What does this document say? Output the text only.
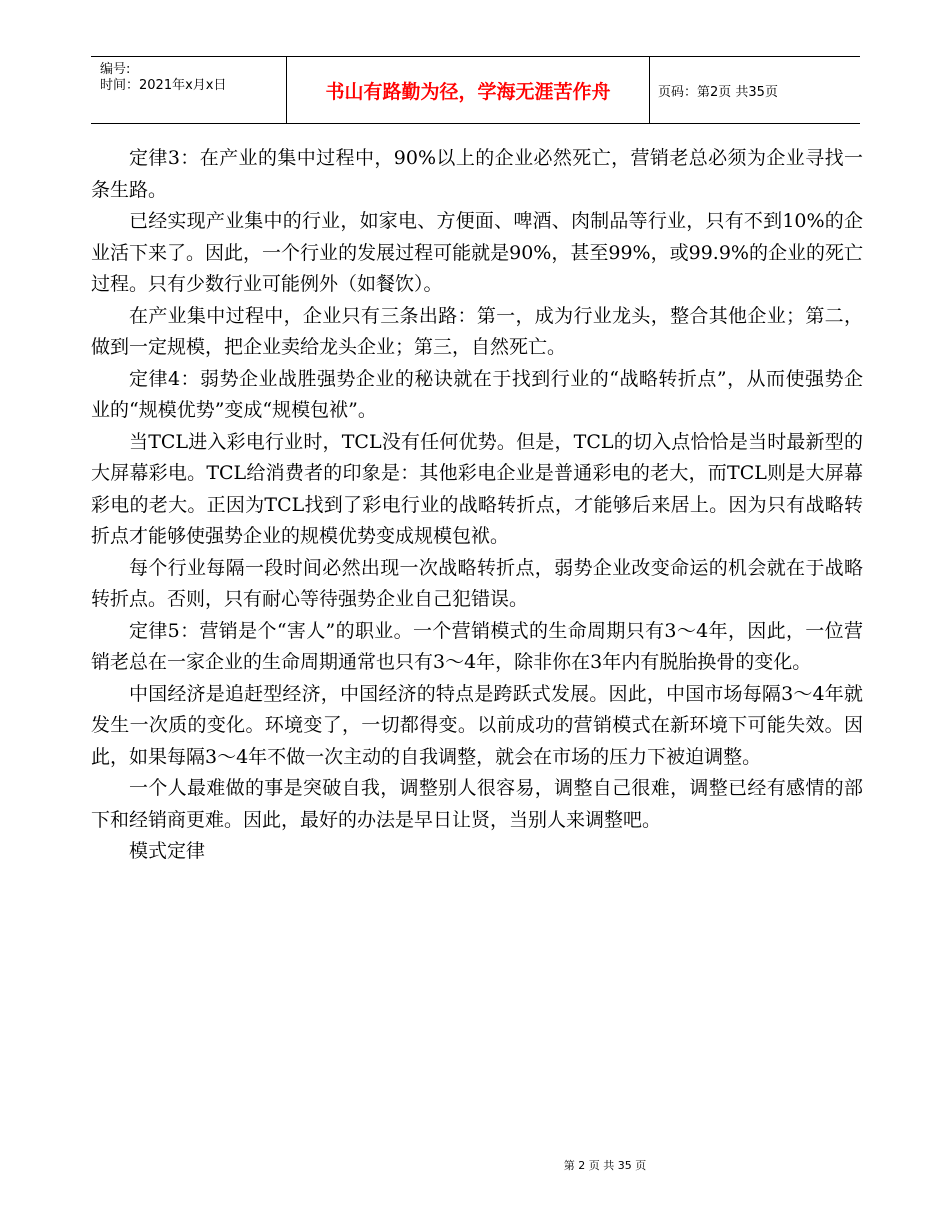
编号:
时间：2021年x月x日	书山有路勤为径，学海无涯苦作舟	页码：第2页 共35页

定律3：在产业的集中过程中，90%以上的企业必然死亡，营销老总必须为企业寻找一条生路。

已经实现产业集中的行业，如家电、方便面、啤酒、肉制品等行业，只有不到10%的企业活下来了。因此，一个行业的发展过程可能就是90%，甚至99%，或99.9%的企业的死亡过程。只有少数行业可能例外（如餐饮）。

在产业集中过程中，企业只有三条出路：第一，成为行业龙头，整合其他企业；第二，做到一定规模，把企业卖给龙头企业；第三，自然死亡。

定律4：弱势企业战胜强势企业的秘诀就在于找到行业的“战略转折点”，从而使强势企业的“规模优势”变成“规模包袱”。

当TCL进入彩电行业时，TCL没有任何优势。但是，TCL的切入点恰恰是当时最新型的大屏幕彩电。TCL给消费者的印象是：其他彩电企业是普通彩电的老大，而TCL则是大屏幕彩电的老大。正因为TCL找到了彩电行业的战略转折点，才能够后来居上。因为只有战略转折点才能够使强势企业的规模优势变成规模包袱。

每个行业每隔一段时间必然出现一次战略转折点，弱势企业改变命运的机会就在于战略转折点。否则，只有耐心等待强势企业自己犯错误。

定律5：营销是个“害人”的职业。一个营销模式的生命周期只有3～4年，因此，一位营销老总在一家企业的生命周期通常也只有3～4年，除非你在3年内有脱胎换骨的变化。

中国经济是追赶型经济，中国经济的特点是跨跃式发展。因此，中国市场每隔3～4年就发生一次质的变化。环境变了，一切都得变。以前成功的营销模式在新环境下可能失效。因此，如果每隔3～4年不做一次主动的自我调整，就会在市场的压力下被迫调整。

一个人最难做的事是突破自我，调整别人很容易，调整自己很难，调整已经有感情的部下和经销商更难。因此，最好的办法是早日让贤，当别人来调整吧。

模式定律

第 2 页 共 35 页
